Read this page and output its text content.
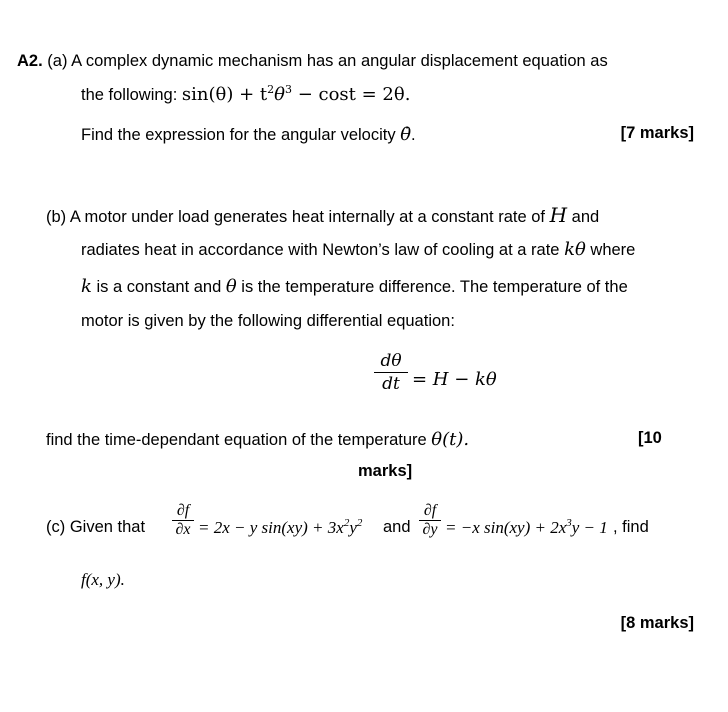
A2. (a) A complex dynamic mechanism has an angular displacement equation as
the following: $\sin(\theta) + t^2\theta^3 - \cos t = 2\theta$.
Find the expression for the angular velocity θ̇.	[7 marks]
(b) A motor under load generates heat internally at a constant rate of H and
radiates heat in accordance with Newton’s law of cooling at a rate kθ where
k is a constant and θ is the temperature difference. The temperature of the
motor is given by the following differential equation:
dθ
dt = H − kθ
find the time-dependant equation of the temperature θ(t).	[10
marks]
(c) Given that
∂f
∂x = 2x − y $\sin(xy) + 3x^2y^2$ and
∂f
∂y = −x $\sin(xy) + 2x^3y - 1$ , find
f(x, y).
[8 marks]
